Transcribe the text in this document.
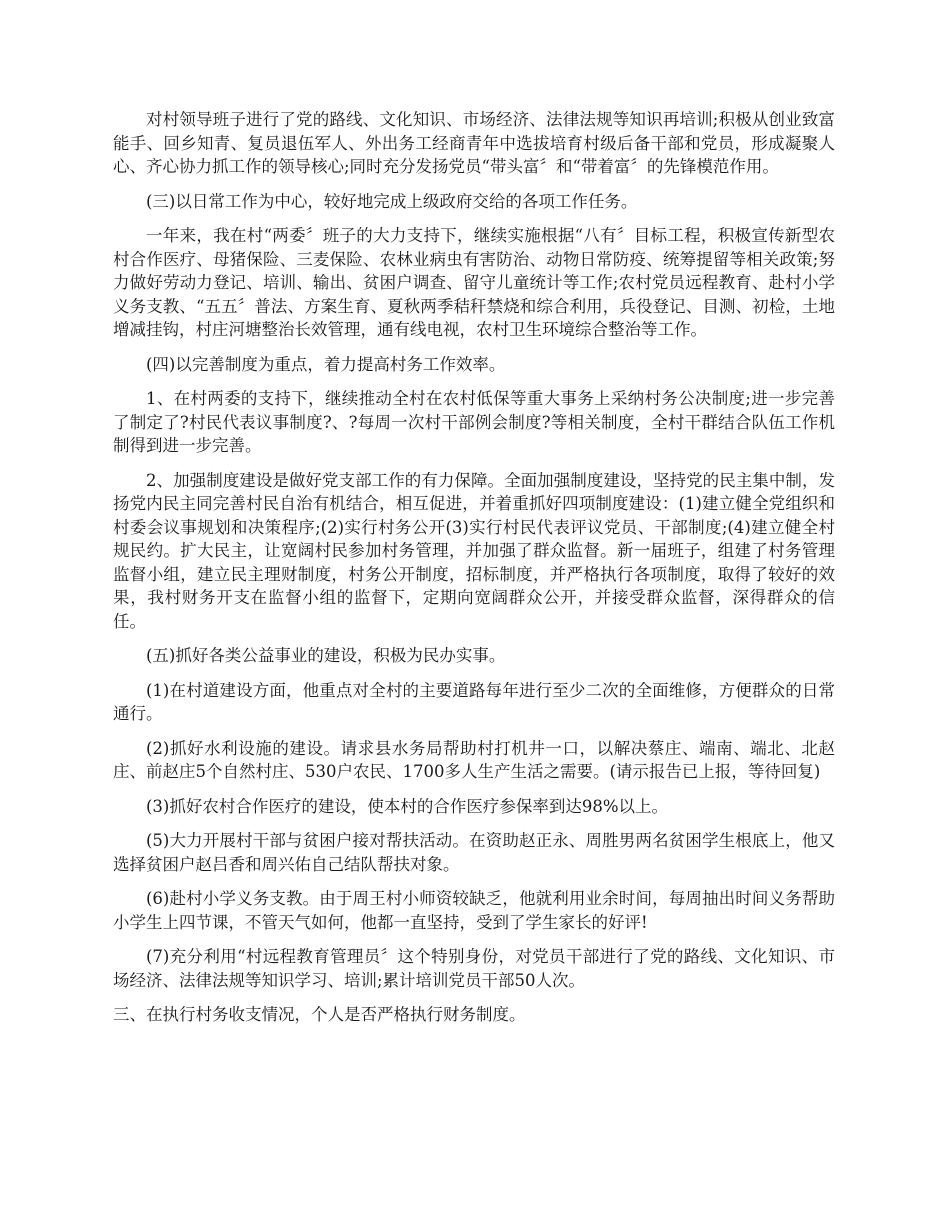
对村领导班子进行了党的路线、文化知识、市场经济、法律法规等知识再培训;积极从创业致富能手、回乡知青、复员退伍军人、外出务工经商青年中选拔培育村级后备干部和党员，形成凝聚人心、齐心协力抓工作的领导核心;同时充分发扬党员“带头富〞和“带着富〞的先锋模范作用。

(三)以日常工作为中心，较好地完成上级政府交给的各项工作任务。

一年来，我在村“两委〞班子的大力支持下，继续实施根据“八有〞目标工程，积极宣传新型农村合作医疗、母猪保险、三麦保险、农林业病虫有害防治、动物日常防疫、统筹提留等相关政策;努力做好劳动力登记、培训、输出、贫困户调查、留守儿童统计等工作;农村党员远程教育、赴村小学义务支教、“五五〞普法、方案生育、夏秋两季秸秆禁烧和综合利用，兵役登记、目测、初检，土地增减挂钩，村庄河塘整治长效管理，通有线电视，农村卫生环境综合整治等工作。

(四)以完善制度为重点，着力提高村务工作效率。

1、在村两委的支持下，继续推动全村在农村低保等重大事务上采纳村务公决制度;进一步完善了制定了?村民代表议事制度?、?每周一次村干部例会制度?等相关制度，全村干群结合队伍工作机制得到进一步完善。

2、加强制度建设是做好党支部工作的有力保障。全面加强制度建设，坚持党的民主集中制，发扬党内民主同完善村民自治有机结合，相互促进，并着重抓好四项制度建设：(1)建立健全党组织和村委会议事规划和决策程序;(2)实行村务公开(3)实行村民代表评议党员、干部制度;(4)建立健全村规民约。扩大民主，让宽阔村民参加村务管理，并加强了群众监督。新一届班子，组建了村务管理监督小组，建立民主理财制度，村务公开制度，招标制度，并严格执行各项制度，取得了较好的效果，我村财务开支在监督小组的监督下，定期向宽阔群众公开，并接受群众监督，深得群众的信任。

(五)抓好各类公益事业的建设，积极为民办实事。

(1)在村道建设方面，他重点对全村的主要道路每年进行至少二次的全面维修，方便群众的日常通行。

(2)抓好水利设施的建设。请求县水务局帮助村打机井一口，以解决蔡庄、端南、端北、北赵庄、前赵庄5个自然村庄、530户农民、1700多人生产生活之需要。(请示报告已上报，等待回复)

(3)抓好农村合作医疗的建设，使本村的合作医疗参保率到达98%以上。

(5)大力开展村干部与贫困户接对帮扶活动。在资助赵正永、周胜男两名贫困学生根底上，他又选择贫困户赵吕香和周兴佑自己结队帮扶对象。

(6)赴村小学义务支教。由于周王村小师资较缺乏，他就利用业余时间，每周抽出时间义务帮助小学生上四节课，不管天气如何，他都一直坚持，受到了学生家长的好评!

(7)充分利用“村远程教育管理员〞这个特别身份，对党员干部进行了党的路线、文化知识、市场经济、法律法规等知识学习、培训;累计培训党员干部50人次。

三、在执行村务收支情况，个人是否严格执行财务制度。
